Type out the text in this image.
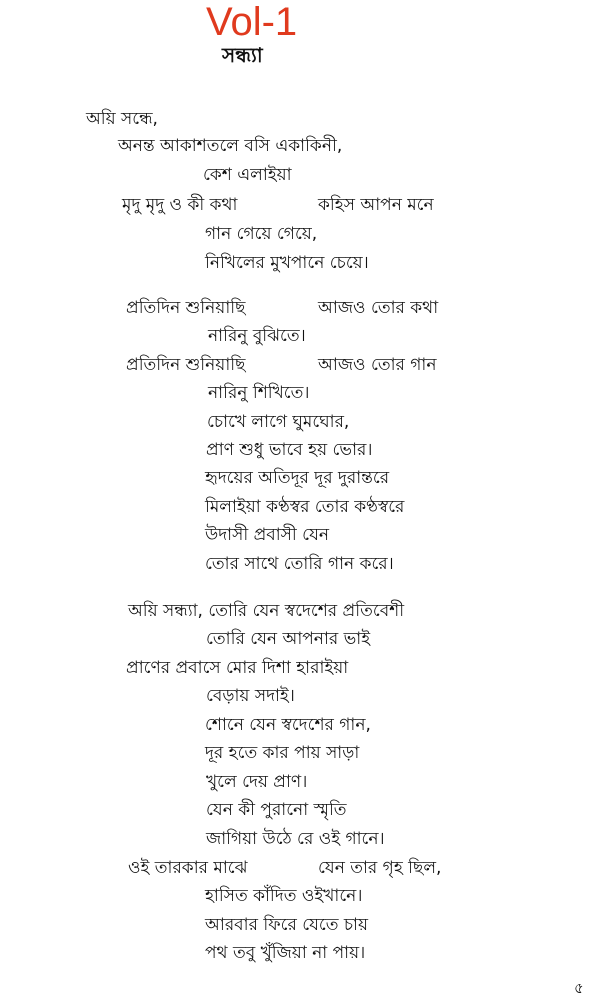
Vol-1
সন্ধ্যা
অয়ি সন্ধে,
অনন্ত আকাশতলে বসি একাকিনী,
কেশ এলাইয়া
মৃদু মৃদু ও কী কথা	কহিস আপন মনে
গান গেয়ে গেয়ে,
নিখিলের মুখপানে চেয়ে।
প্রতিদিন শুনিয়াছি	আজও তোর কথা
নারিনু বুঝিতে।
প্রতিদিন শুনিয়াছি	আজও তোর গান
নারিনু শিখিতে।
চোখে লাগে ঘুমঘোর,
প্রাণ শুধু ভাবে হয় ভোর।
হৃদয়ের অতিদূর দূর দুরান্তরে
মিলাইয়া কণ্ঠস্বর তোর কণ্ঠস্বরে
উদাসী প্রবাসী যেন
তোর সাথে তোরি গান করে।
অয়ি সন্ধ্যা, তোরি যেন স্বদেশের প্রতিবেশী
তোরি যেন আপনার ভাই
প্রাণের প্রবাসে মোর দিশা হারাইয়া
বেড়ায় সদাই।
শোনে যেন স্বদেশের গান,
দূর হতে কার পায় সাড়া
খুলে দেয় প্রাণ।
যেন কী পুরানো স্মৃতি
জাগিয়া উঠে রে ওই গানে।
ওই তারকার মাঝে	যেন তার গৃহ ছিল,
হাসিত কাঁদিত ওইখানে।
আরবার ফিরে যেতে চায়
পথ তবু খুঁজিয়া না পায়।
৫
